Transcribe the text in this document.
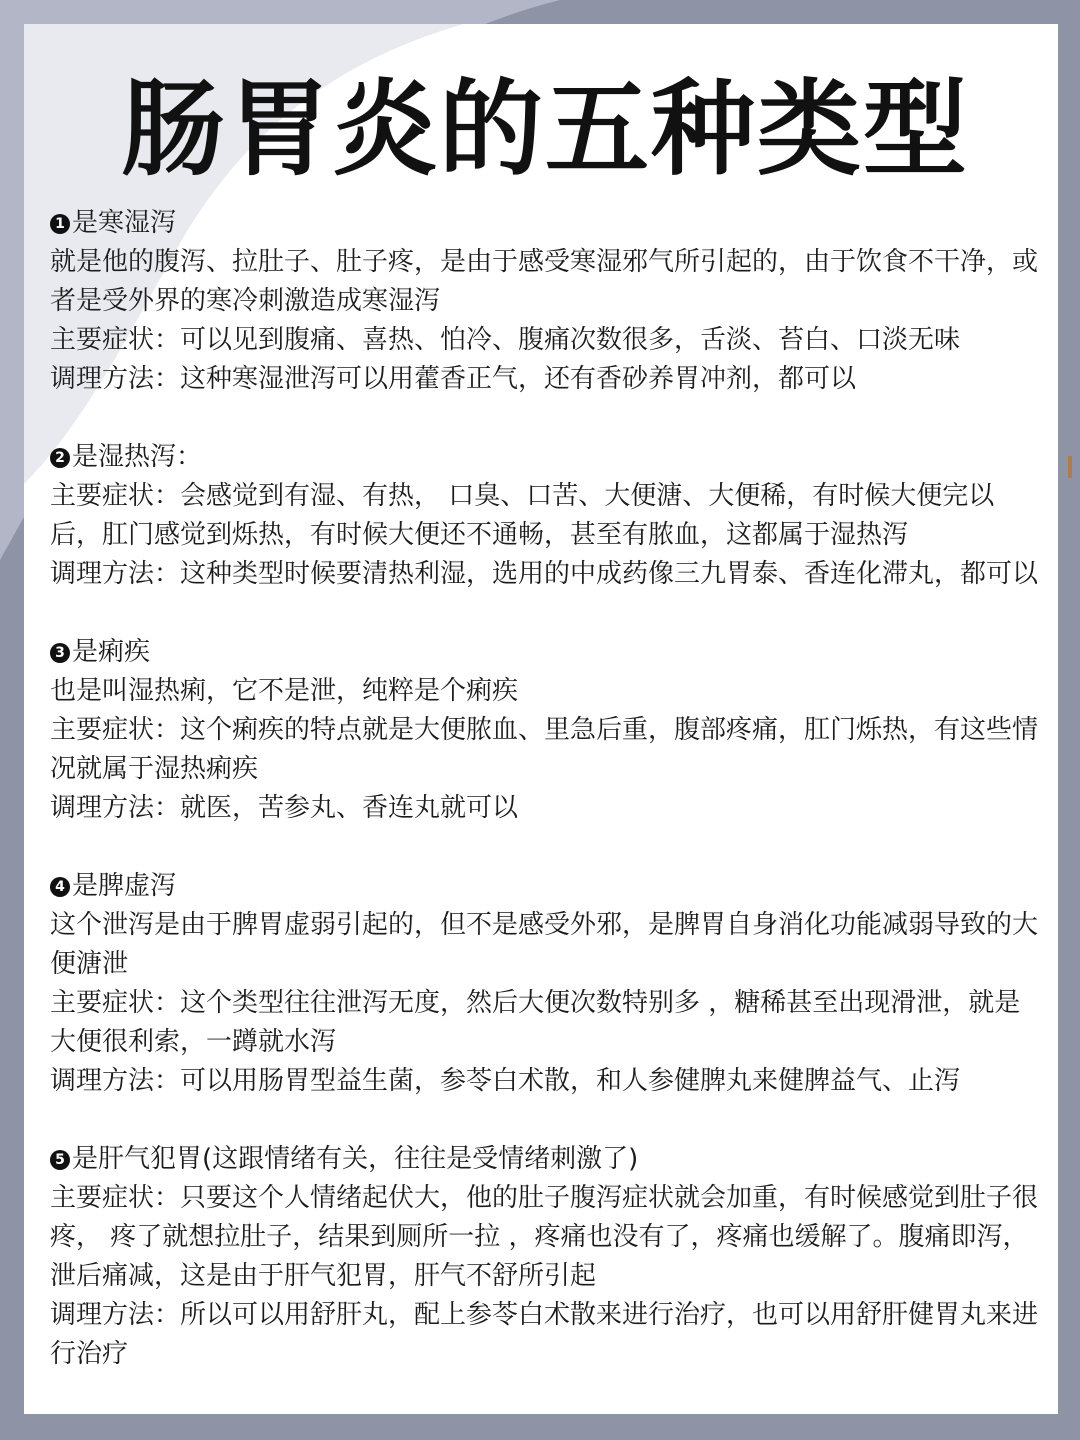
肠胃炎的五种类型
1 是寒湿泻
就是他的腹泻、拉肚子、肚子疼，是由于感受寒湿邪气所引起的，由于饮食不干净，或者是受外界的寒冷刺激造成寒湿泻
主要症状：可以见到腹痛、喜热、怕冷、腹痛次数很多，舌淡、苔白、口淡无味
调理方法：这种寒湿泄泻可以用藿香正气，还有香砂养胃冲剂，都可以
2 是湿热泻：
主要症状：会感觉到有湿、有热， 口臭、口苦、大便溏、大便稀，有时候大便完以后，肛门感觉到烁热，有时候大便还不通畅，甚至有脓血，这都属于湿热泻
调理方法：这种类型时候要清热利湿，选用的中成药像三九胃泰、香连化滞丸，都可以
3 是痢疾
也是叫湿热痢，它不是泄，纯粹是个痢疾
主要症状：这个痢疾的特点就是大便脓血、里急后重，腹部疼痛，肛门烁热，有这些情况就属于湿热痢疾
调理方法：就医，苦参丸、香连丸就可以
4 是脾虚泻
这个泄泻是由于脾胃虚弱引起的，但不是感受外邪，是脾胃自身消化功能减弱导致的大便溏泄
主要症状：这个类型往往泄泻无度，然后大便次数特别多 ，糖稀甚至出现滑泄，就是大便很利索，一蹲就水泻
调理方法：可以用肠胃型益生菌，参苓白术散，和人参健脾丸来健脾益气、止泻
5 是肝气犯胃(这跟情绪有关，往往是受情绪刺激了)
主要症状：只要这个人情绪起伏大，他的肚子腹泻症状就会加重，有时候感觉到肚子很疼， 疼了就想拉肚子，结果到厕所一拉 ，疼痛也没有了，疼痛也缓解了。腹痛即泻，泄后痛减，这是由于肝气犯胃，肝气不舒所引起
调理方法：所以可以用舒肝丸，配上参苓白术散来进行治疗，也可以用舒肝健胃丸来进行治疗
